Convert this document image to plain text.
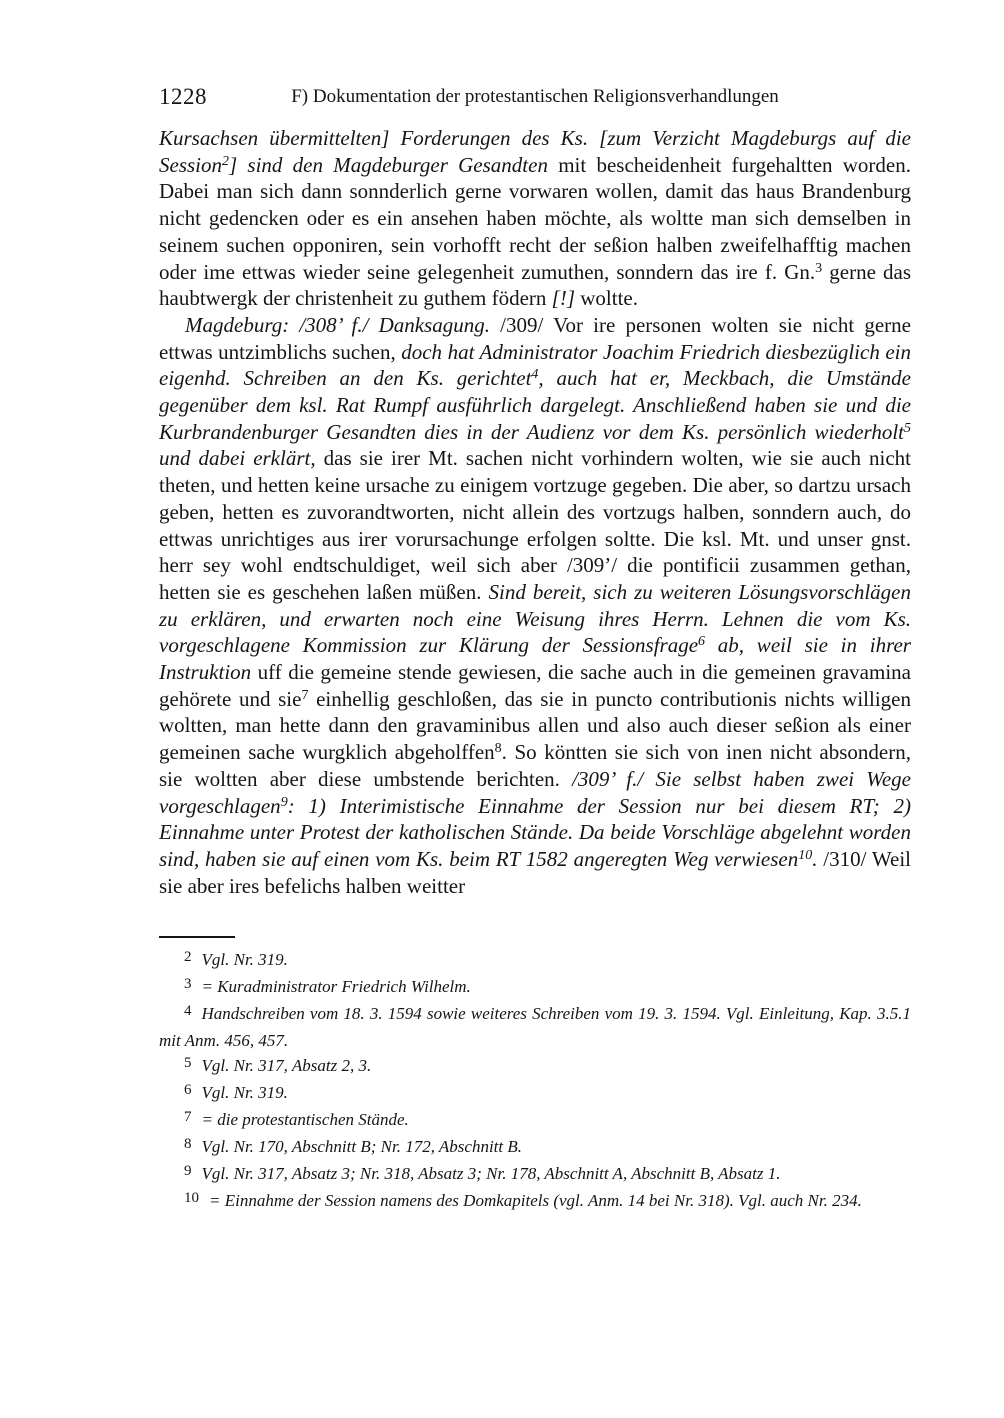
1228	F) Dokumentation der protestantischen Religionsverhandlungen

Kursachsen übermittelten] Forderungen des Ks. [zum Verzicht Magdeburgs auf die Session$^2$] sind den Magdeburger Gesandten mit bescheidenheit furgehaltten worden. Dabei man sich dann sonnderlich gerne vorwaren wollen, damit das haus Brandenburg nicht gedencken oder es ein ansehen haben möchte, als woltte man sich demselben in seinem suchen opponiren, sein vorhofft recht der seßion halben zweifelhafftig machen oder ime ettwas wieder seine gelegenheit zumuthen, sonndern das ire f. Gn.$^3$ gerne das haubtwergk der christenheit zu guthem födern [!] woltte.

Magdeburg: /308’ f./ Danksagung. /309/ Vor ire personen wolten sie nicht gerne ettwas untzimblichs suchen, doch hat Administrator Joachim Friedrich diesbezüglich ein eigenhd. Schreiben an den Ks. gerichtet$^4$, auch hat er, Meckbach, die Umstände gegenüber dem ksl. Rat Rumpf ausführlich dargelegt. Anschließend haben sie und die Kurbrandenburger Gesandten dies in der Audienz vor dem Ks. persönlich wiederholt$^5$ und dabei erklärt, das sie irer Mt. sachen nicht vorhindern wolten, wie sie auch nicht theten, und hetten keine ursache zu einigem vortzuge gegeben. Die aber, so dartzu ursach geben, hetten es zuvorandtworten, nicht allein des vortzugs halben, sonndern auch, do ettwas unrichtiges aus irer vorursachunge erfolgen soltte. Die ksl. Mt. und unser gnst. herr sey wohl endtschuldiget, weil sich aber /309’/ die pontificii zusammen gethan, hetten sie es geschehen laßen müßen. Sind bereit, sich zu weiteren Lösungsvorschlägen zu erklären, und erwarten noch eine Weisung ihres Herrn. Lehnen die vom Ks. vorgeschlagene Kommission zur Klärung der Sessionsfrage$^6$ ab, weil sie in ihrer Instruktion uff die gemeine stende gewiesen, die sache auch in die gemeinen gravamina gehörete und sie$^7$ einhellig geschloßen, das sie in puncto contributionis nichts willigen woltten, man hette dann den gravaminibus allen und also auch dieser seßion als einer gemeinen sache wurgklich abgeholffen$^8$. So köntten sie sich von inen nicht absondern, sie woltten aber diese umbstende berichten. /309’ f./ Sie selbst haben zwei Wege vorgeschlagen$^9$: 1) Interimistische Einnahme der Session nur bei diesem RT; 2) Einnahme unter Protest der katholischen Stände. Da beide Vorschläge abgelehnt worden sind, haben sie auf einen vom Ks. beim RT 1582 angeregten Weg verwiesen$^{10}$. /310/ Weil sie aber ires befelichs halben weitter

2 Vgl. Nr. 319.

3 = Kuradministrator Friedrich Wilhelm.

4 Handschreiben vom 18. 3. 1594 sowie weiteres Schreiben vom 19. 3. 1594. Vgl. Einleitung, Kap. 3.5.1 mit Anm. 456, 457.

5 Vgl. Nr. 317, Absatz 2, 3.

6 Vgl. Nr. 319.

7 = die protestantischen Stände.

8 Vgl. Nr. 170, Abschnitt B; Nr. 172, Abschnitt B.

9 Vgl. Nr. 317, Absatz 3; Nr. 318, Absatz 3; Nr. 178, Abschnitt A, Abschnitt B, Absatz 1.

10 = Einnahme der Session namens des Domkapitels (vgl. Anm. 14 bei Nr. 318). Vgl. auch Nr. 234.
